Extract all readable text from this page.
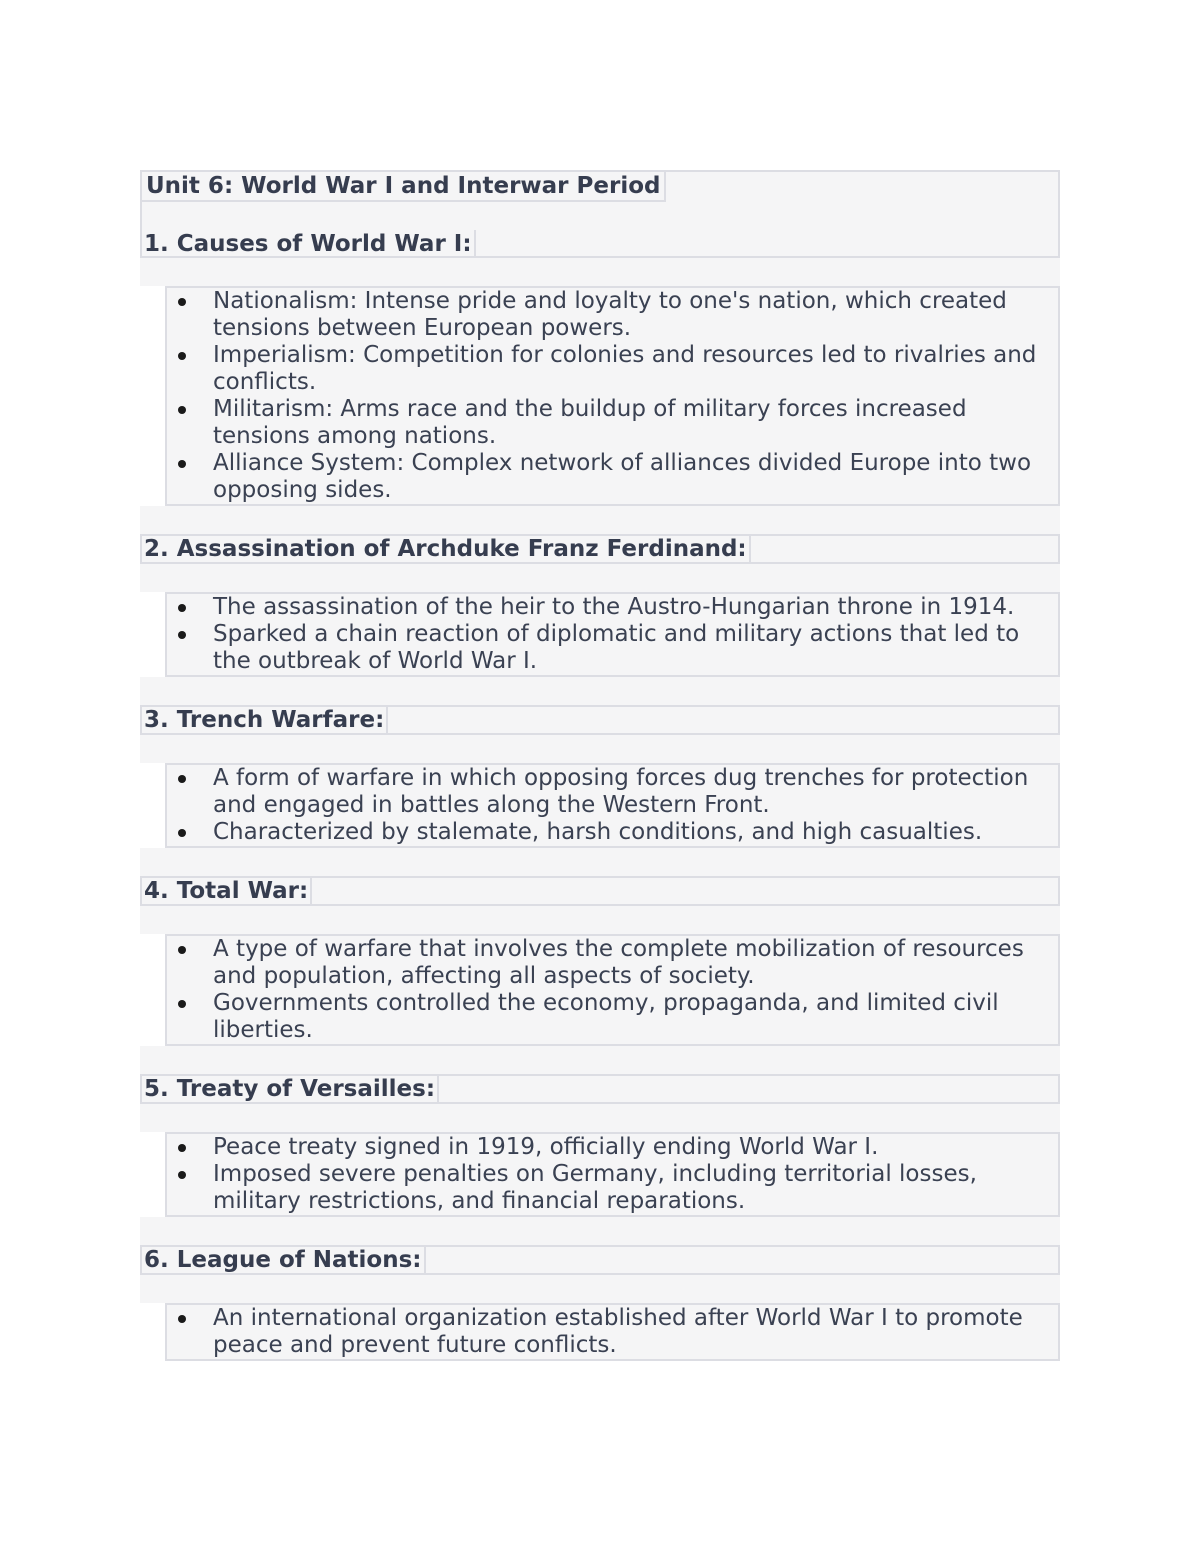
Unit 6: World War I and Interwar Period
1. Causes of World War I:
Nationalism: Intense pride and loyalty to one's nation, which created tensions between European powers.
Imperialism: Competition for colonies and resources led to rivalries and conflicts.
Militarism: Arms race and the buildup of military forces increased tensions among nations.
Alliance System: Complex network of alliances divided Europe into two opposing sides.
2. Assassination of Archduke Franz Ferdinand:
The assassination of the heir to the Austro-Hungarian throne in 1914.
Sparked a chain reaction of diplomatic and military actions that led to the outbreak of World War I.
3. Trench Warfare:
A form of warfare in which opposing forces dug trenches for protection and engaged in battles along the Western Front.
Characterized by stalemate, harsh conditions, and high casualties.
4. Total War:
A type of warfare that involves the complete mobilization of resources and population, affecting all aspects of society.
Governments controlled the economy, propaganda, and limited civil liberties.
5. Treaty of Versailles:
Peace treaty signed in 1919, officially ending World War I.
Imposed severe penalties on Germany, including territorial losses, military restrictions, and financial reparations.
6. League of Nations:
An international organization established after World War I to promote peace and prevent future conflicts.
